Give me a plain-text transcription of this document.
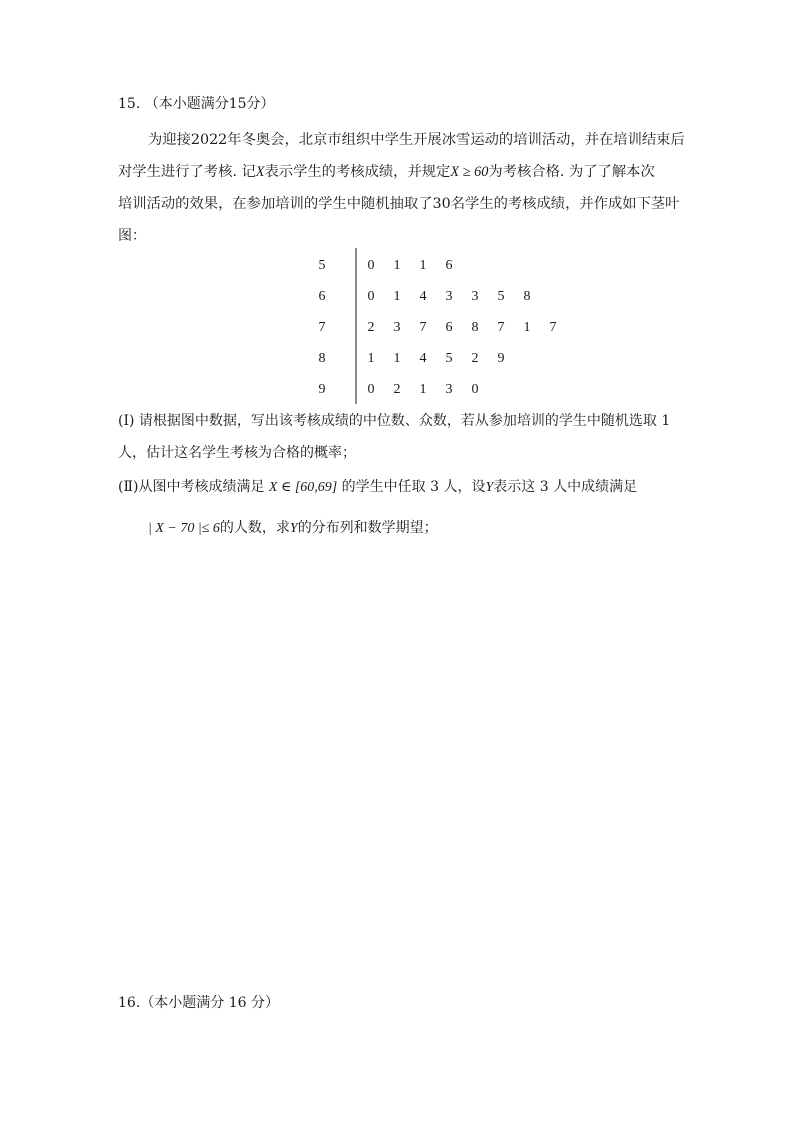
15. （本小题满分15分）
为迎接2022年冬奥会，北京市组织中学生开展冰雪运动的培训活动，并在培训结束后
对学生进行了考核. 记X表示学生的考核成绩，并规定X ≥ 60为考核合格. 为了了解本次
培训活动的效果，在参加培训的学生中随机抽取了30名学生的考核成绩，并作成如下茎叶
图：
5	0 1 1 6
6	0 1 4 3 3 5 8
7	2 3 7 6 8 7 1 7
8	1 1 4 5 2 9
9	0 2 1 3 0
(Ⅰ) 请根据图中数据，写出该考核成绩的中位数、众数，若从参加培训的学生中随机选取 1
人，估计这名学生考核为合格的概率；
(Ⅱ)从图中考核成绩满足 X ∈ [60,69] 的学生中任取 3 人，设Y表示这 3 人中成绩满足
| X − 70 |≤ 6的人数，求Y的分布列和数学期望；
16.（本小题满分 16 分）
